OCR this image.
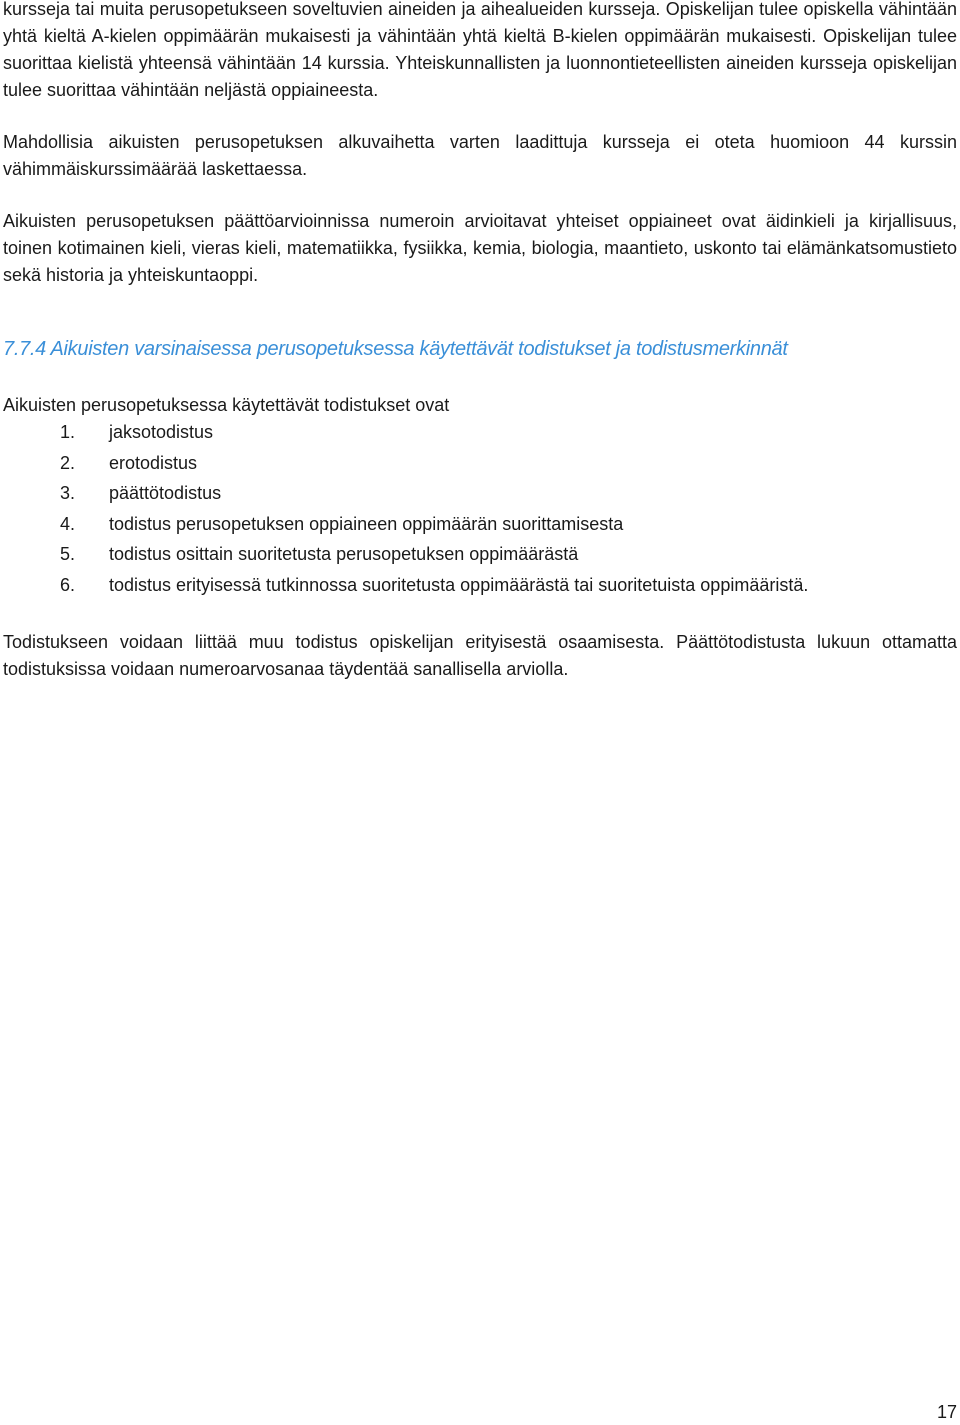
kursseja tai muita perusopetukseen soveltuvien aineiden ja aihealueiden kursseja. Opiskelijan tulee opiskella vähintään yhtä kieltä A-kielen oppimäärän mukaisesti ja vähintään yhtä kieltä B-kielen oppimäärän mukaisesti. Opiskelijan tulee suorittaa kielistä yhteensä vähintään 14 kurssia. Yhteiskunnallisten ja luonnontieteellisten aineiden kursseja opiskelijan tulee suorittaa vähintään neljästä oppiaineesta.

Mahdollisia aikuisten perusopetuksen alkuvaihetta varten laadittuja kursseja ei oteta huomioon 44 kurssin vähimmäiskurssimäärää laskettaessa.

Aikuisten perusopetuksen päättöarvioinnissa numeroin arvioitavat yhteiset oppiaineet ovat äidinkieli ja kirjallisuus, toinen kotimainen kieli, vieras kieli, matematiikka, fysiikka, kemia, biologia, maantieto, uskonto tai elämänkatsomustieto sekä historia ja yhteiskuntaoppi.

7.7.4 Aikuisten varsinaisessa perusopetuksessa käytettävät todistukset ja todistusmerkinnät

Aikuisten perusopetuksessa käytettävät todistukset ovat

1.	jaksotodistus
2.	erotodistus
3.	päättötodistus
4.	todistus perusopetuksen oppiaineen oppimäärän suorittamisesta
5.	todistus osittain suoritetusta perusopetuksen oppimäärästä
6.	todistus erityisessä tutkinnossa suoritetusta oppimäärästä tai suoritetuista oppimääristä.

Todistukseen voidaan liittää muu todistus opiskelijan erityisestä osaamisesta. Päättötodistusta lukuun ottamatta todistuksissa voidaan numeroarvosanaa täydentää sanallisella arviolla.

17
